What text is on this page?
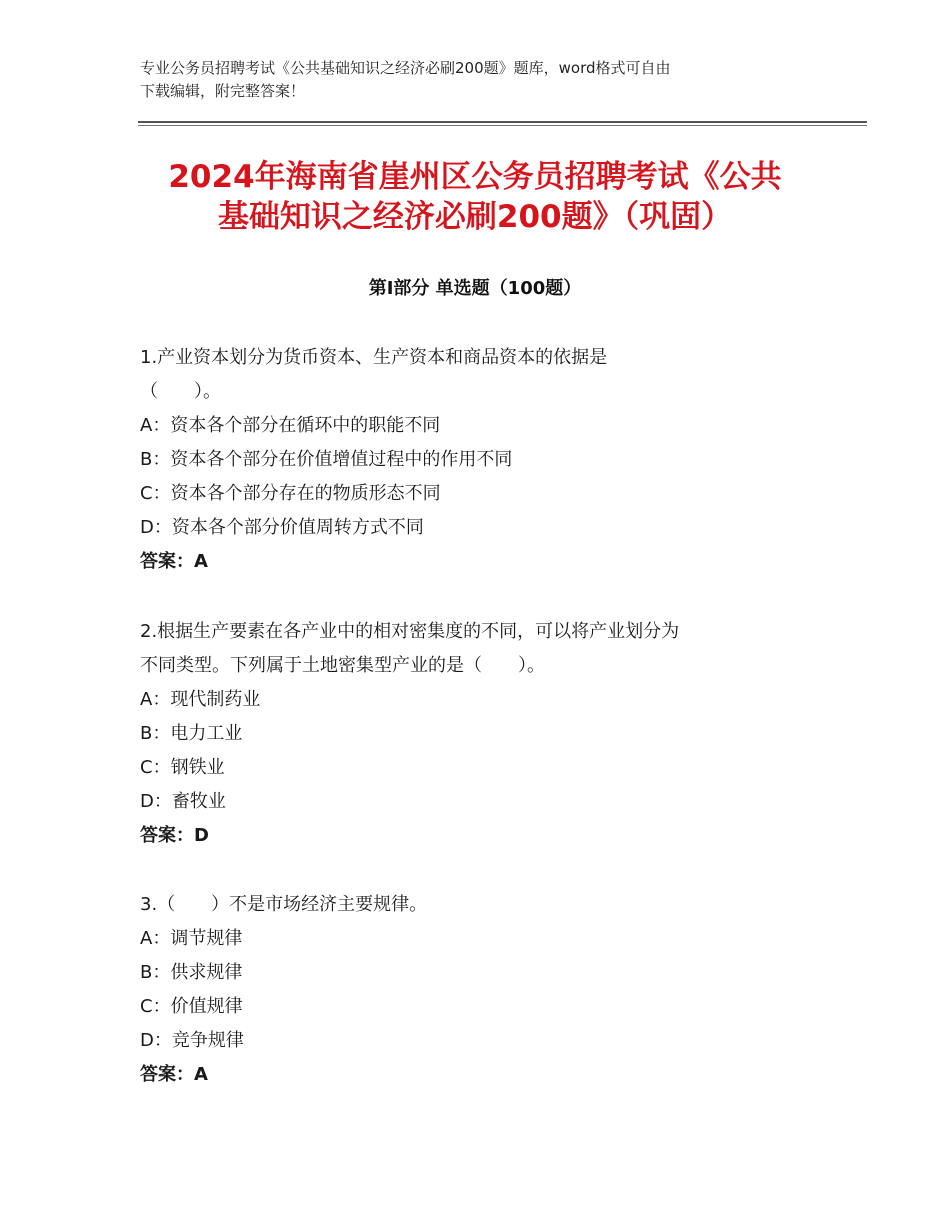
专业公务员招聘考试《公共基础知识之经济必刷200题》题库，word格式可自由
下载编辑，附完整答案！
2024年海南省崖州区公务员招聘考试《公共
基础知识之经济必刷200题》（巩固）
第Ⅰ部分 单选题（100题）
1.产业资本划分为货币资本、生产资本和商品资本的依据是
（　　）。
A：资本各个部分在循环中的职能不同
B：资本各个部分在价值增值过程中的作用不同
C：资本各个部分存在的物质形态不同
D：资本各个部分价值周转方式不同
答案：A
2.根据生产要素在各产业中的相对密集度的不同，可以将产业划分为
不同类型。下列属于土地密集型产业的是（　　）。
A：现代制药业
B：电力工业
C：钢铁业
D：畜牧业
答案：D
3.（　　）不是市场经济主要规律。
A：调节规律
B：供求规律
C：价值规律
D：竞争规律
答案：A
